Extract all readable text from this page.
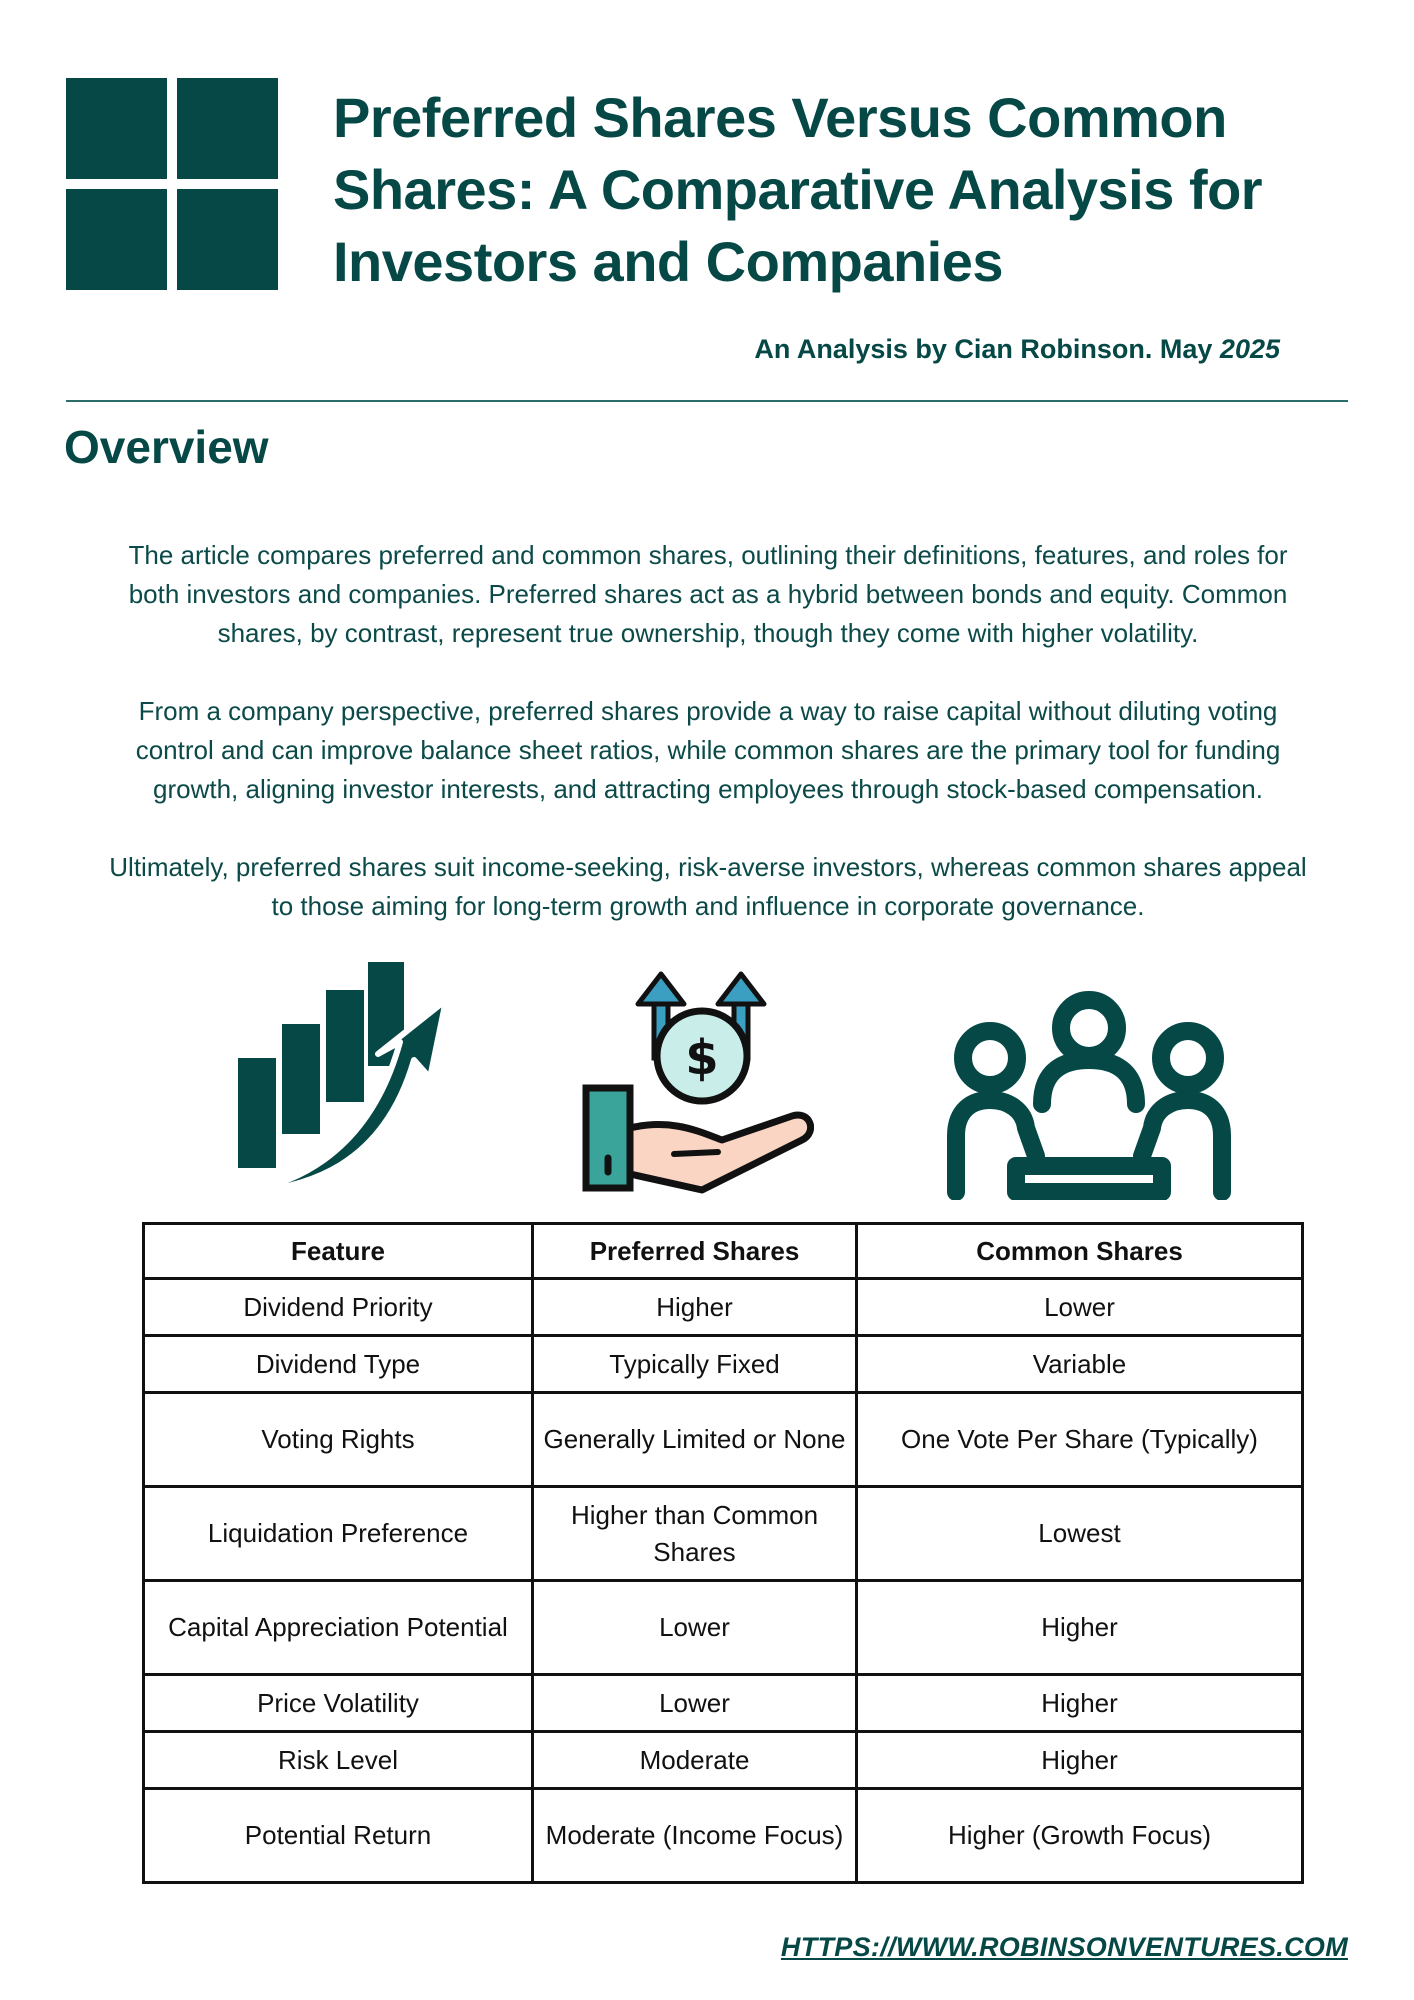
Preferred Shares Versus Common Shares: A Comparative Analysis for Investors and Companies
An Analysis by Cian Robinson. May 2025
Overview
The article compares preferred and common shares, outlining their definitions, features, and roles for both investors and companies. Preferred shares act as a hybrid between bonds and equity. Common shares, by contrast, represent true ownership, though they come with higher volatility.
From a company perspective, preferred shares provide a way to raise capital without diluting voting control and can improve balance sheet ratios, while common shares are the primary tool for funding growth, aligning investor interests, and attracting employees through stock-based compensation.
Ultimately, preferred shares suit income-seeking, risk-averse investors, whereas common shares appeal to those aiming for long-term growth and influence in corporate governance.
$
Feature	Preferred Shares	Common Shares
Dividend Priority	Higher	Lower
Dividend Type	Typically Fixed	Variable
Voting Rights	Generally Limited or None	One Vote Per Share (Typically)
Liquidation Preference	Higher than Common Shares	Lowest
Capital Appreciation Potential	Lower	Higher
Price Volatility	Lower	Higher
Risk Level	Moderate	Higher
Potential Return	Moderate (Income Focus)	Higher (Growth Focus)
HTTPS://WWW.ROBINSONVENTURES.COM
